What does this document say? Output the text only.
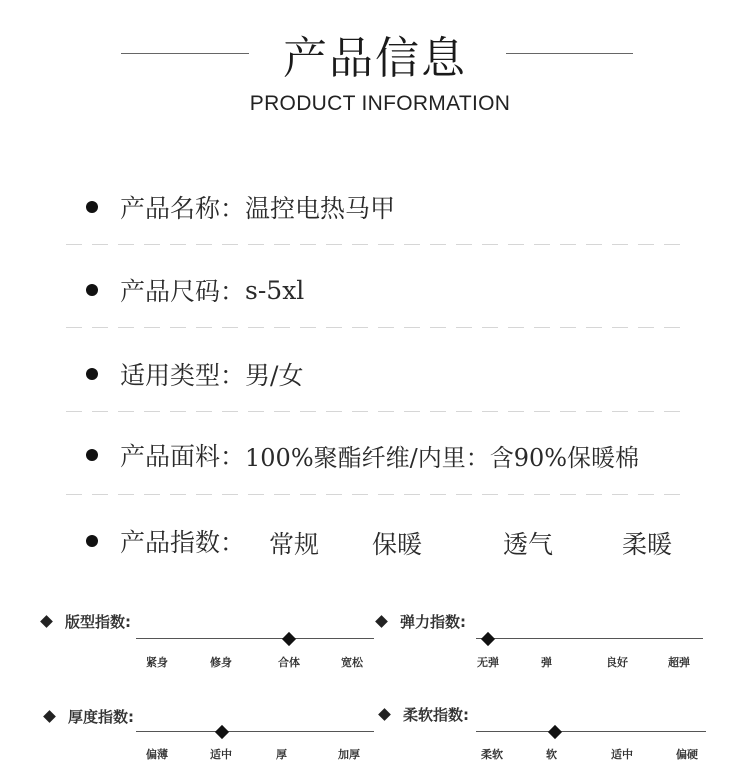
产品信息
PRODUCT INFORMATION
产品名称： 温控电热马甲
产品尺码： s-5xl
适用类型： 男/女
产品面料： 100%聚酯纤维/内里：含90%保暖棉
产品指数： 常规 保暖	透气	柔暖
版型指数:
紧身	修身	合体	宽松
弹力指数:
无弹	弹	良好	超弹
厚度指数:
偏薄	适中	厚	加厚
柔软指数:
柔软	软	适中	偏硬
